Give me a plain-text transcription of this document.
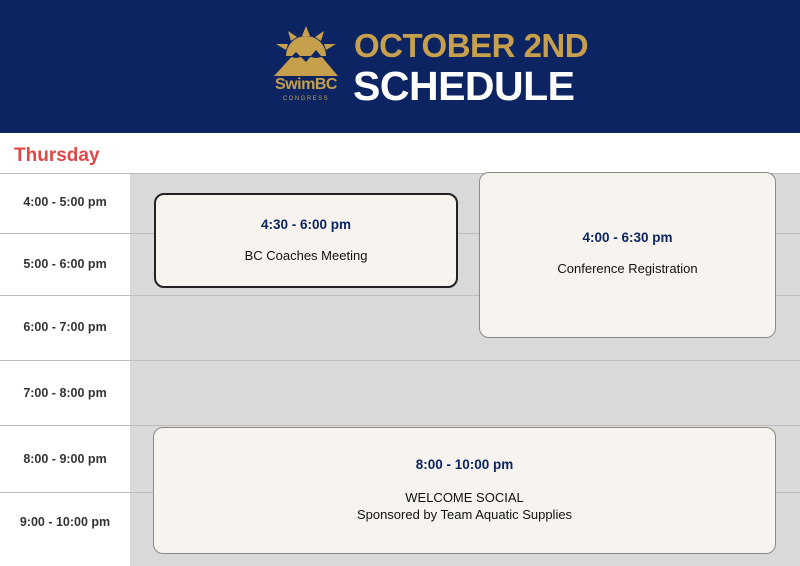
SwimBC
CONGRESS
OCTOBER 2ND
SCHEDULE
Thursday
4:00 - 5:00 pm
5:00 - 6:00 pm
6:00 - 7:00 pm
7:00 - 8:00 pm
8:00 - 9:00 pm
9:00 - 10:00 pm
4:30 - 6:00 pm
BC Coaches Meeting
4:00 - 6:30 pm
Conference Registration
8:00 - 10:00 pm
WELCOME SOCIAL
Sponsored by Team Aquatic Supplies
